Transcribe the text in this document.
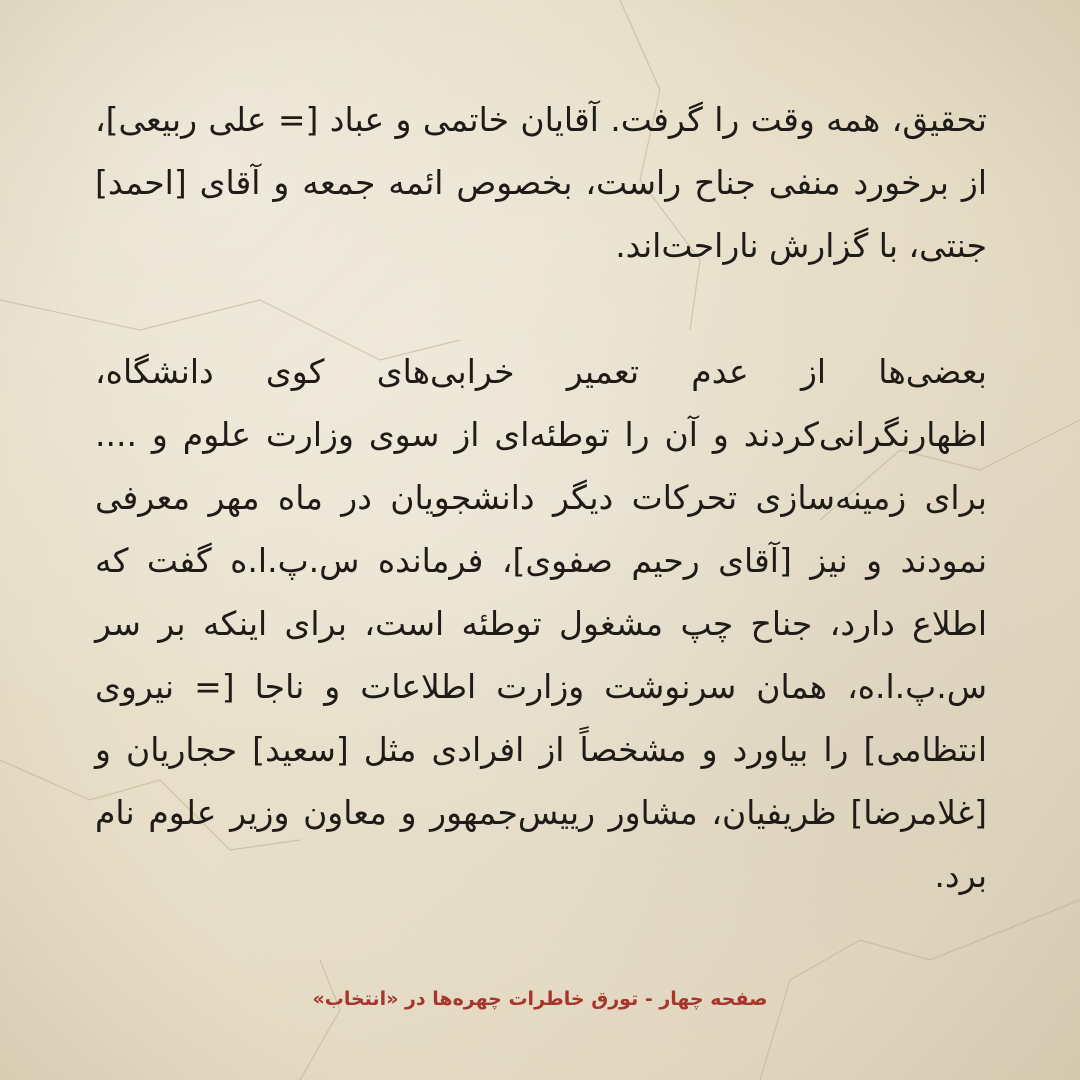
تحقیق، همه وقت را گرفت. آقایان خاتمی و عباد [= علی ربیعی]، از برخورد منفی جناح راست، بخصوص ائمه جمعه و آقای [احمد] جنتی، با گزارش ناراحت‌اند.

بعضی‌ها از عدم تعمیر خرابی‌های کوی دانشگاه، اظهارنگرانی‌کردند و آن را توطئه‌ای از سوی وزارت علوم و .... برای زمینه‌سازی تحرکات دیگر دانشجویان در ماه مهر معرفی نمودند و نیز [آقای رحیم صفوی]، فرمانده س.پ.ا.ه گفت که اطلاع دارد، جناح چپ مشغول توطئه است، برای اینکه بر سر س.پ.ا.ه، همان سرنوشت وزارت اطلاعات و ناجا [= نیروی انتظامی] را بیاورد و مشخصاً از افرادی مثل [سعید] حجاریان و [غلامرضا] ظریفیان، مشاور رییس‌جمهور و معاون وزیر علوم نام برد.

صفحه چهار - تورق خاطرات چهره‌ها در «انتخاب»
